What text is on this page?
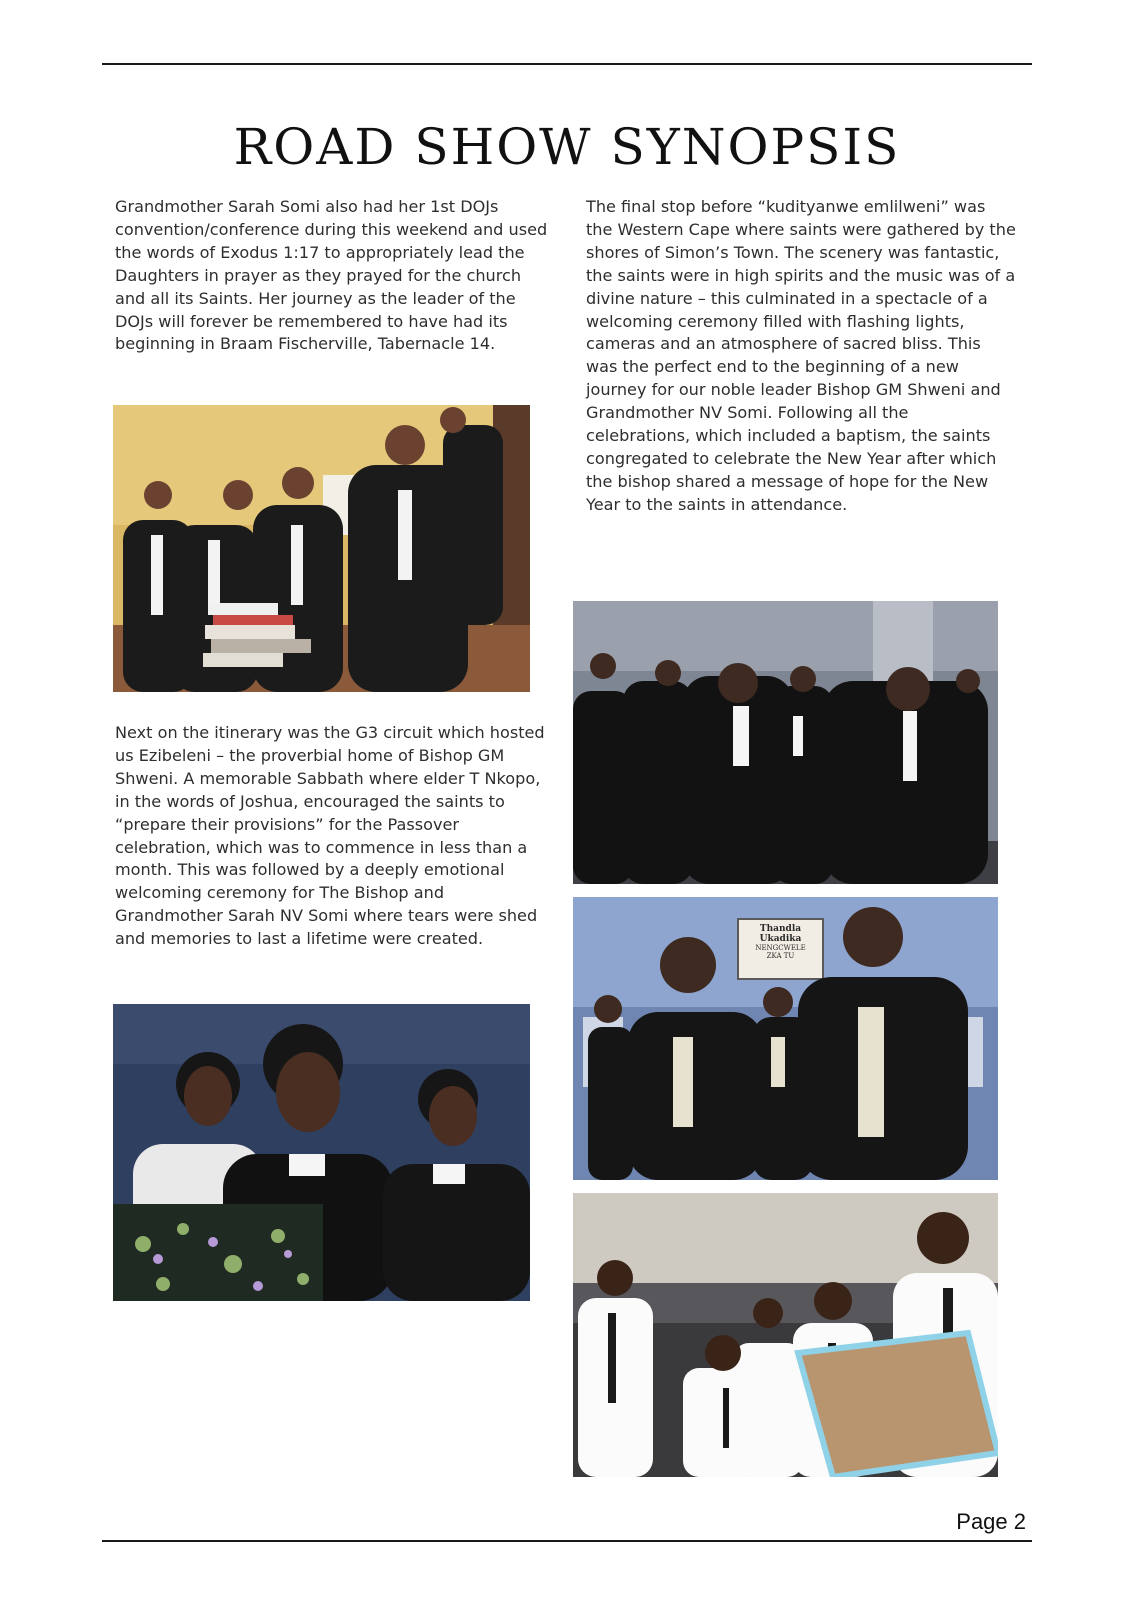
ROAD SHOW SYNOPSIS

Grandmother Sarah Somi also had her 1st DOJs convention/conference during this weekend and used the words of Exodus 1:17 to appropriately lead the Daughters in prayer as they prayed for the church and all its Saints. Her journey as the leader of the DOJs will forever be remembered to have had its beginning in Braam Fischerville, Tabernacle 14.

The final stop before “kudityanwe emlilweni” was the Western Cape where saints were gathered by the shores of Simon’s Town. The scenery was fantastic, the saints were in high spirits and the music was of a divine nature – this culminated in a spectacle of a welcoming ceremony filled with flashing lights, cameras and an atmosphere of sacred bliss. This was the perfect end to the beginning of a new journey for our noble leader Bishop GM Shweni and Grandmother NV Somi. Following all the celebrations, which included a baptism, the saints congregated to celebrate the New Year after which the bishop shared a message of hope for the New Year to the saints in attendance.

Next on the itinerary was the G3 circuit which hosted us Ezibeleni – the proverbial home of Bishop GM Shweni. A memorable Sabbath where elder T Nkopo, in the words of Joshua, encouraged the saints to “prepare their provisions” for the Passover celebration, which was to commence in less than a month. This was followed by a deeply emotional welcoming ceremony for The Bishop and Grandmother Sarah NV Somi where tears were shed and memories to last a lifetime were created.

Thandla Ukadika
NENGCWELE
ZKA TU
Page 2
